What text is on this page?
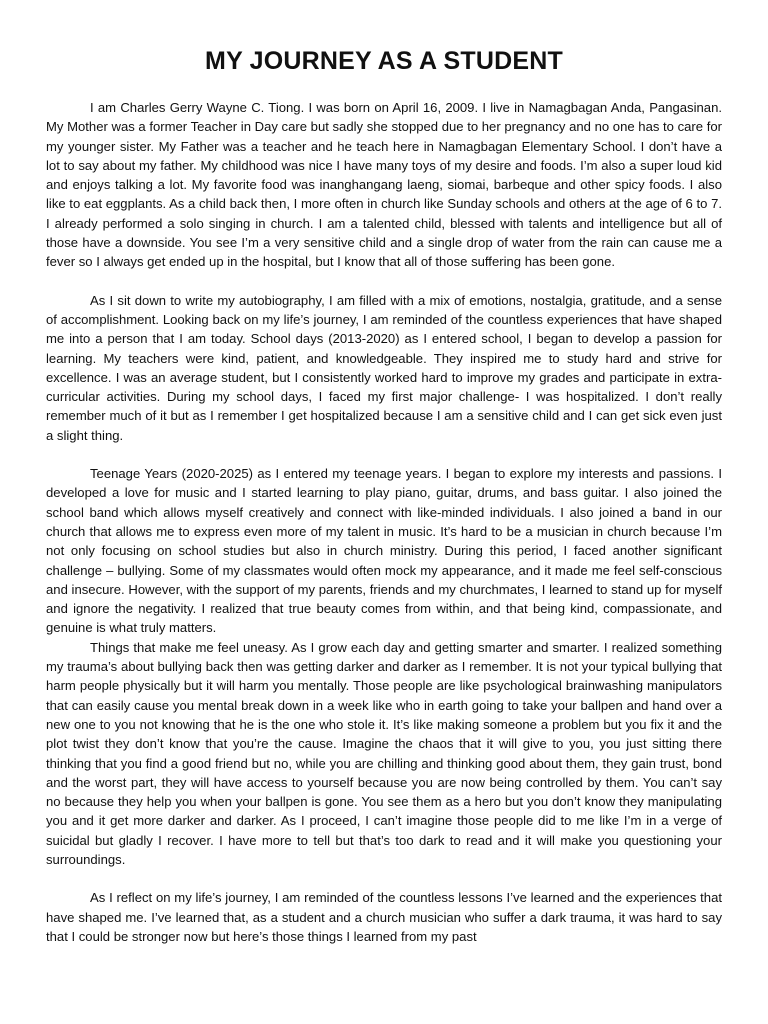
MY JOURNEY AS A STUDENT

I am Charles Gerry Wayne C. Tiong. I was born on April 16, 2009. I live in Namagbagan Anda, Pangasinan. My Mother was a former Teacher in Day care but sadly she stopped due to her pregnancy and no one has to care for my younger sister. My Father was a teacher and he teach here in Namagbagan Elementary School. I don’t have a lot to say about my father. My childhood was nice I have many toys of my desire and foods. I’m also a super loud kid and enjoys talking a lot. My favorite food was inanghangang laeng, siomai, barbeque and other spicy foods. I also like to eat eggplants. As a child back then, I more often in church like Sunday schools and others at the age of 6 to 7. I already performed a solo singing in church. I am a talented child, blessed with talents and intelligence but all of those have a downside. You see I’m a very sensitive child and a single drop of water from the rain can cause me a fever so I always get ended up in the hospital, but I know that all of those suffering has been gone.

As I sit down to write my autobiography, I am filled with a mix of emotions, nostalgia, gratitude, and a sense of accomplishment. Looking back on my life’s journey, I am reminded of the countless experiences that have shaped me into a person that I am today. School days (2013-2020) as I entered school, I began to develop a passion for learning. My teachers were kind, patient, and knowledgeable. They inspired me to study hard and strive for excellence. I was an average student, but I consistently worked hard to improve my grades and participate in extra-curricular activities. During my school days, I faced my first major challenge- I was hospitalized. I don’t really remember much of it but as I remember I get hospitalized because I am a sensitive child and I can get sick even just a slight thing.

Teenage Years (2020-2025) as I entered my teenage years. I began to explore my interests and passions. I developed a love for music and I started learning to play piano, guitar, drums, and bass guitar. I also joined the school band which allows myself creatively and connect with like-minded individuals. I also joined a band in our church that allows me to express even more of my talent in music. It’s hard to be a musician in church because I’m not only focusing on school studies but also in church ministry. During this period, I faced another significant challenge – bullying. Some of my classmates would often mock my appearance, and it made me feel self-conscious and insecure. However, with the support of my parents, friends and my churchmates, I learned to stand up for myself and ignore the negativity. I realized that true beauty comes from within, and that being kind, compassionate, and genuine is what truly matters.

Things that make me feel uneasy. As I grow each day and getting smarter and smarter. I realized something my trauma’s about bullying back then was getting darker and darker as I remember. It is not your typical bullying that harm people physically but it will harm you mentally. Those people are like psychological brainwashing manipulators that can easily cause you mental break down in a week like who in earth going to take your ballpen and hand over a new one to you not knowing that he is the one who stole it. It’s like making someone a problem but you fix it and the plot twist they don’t know that you’re the cause. Imagine the chaos that it will give to you, you just sitting there thinking that you find a good friend but no, while you are chilling and thinking good about them, they gain trust, bond and the worst part, they will have access to yourself because you are now being controlled by them. You can’t say no because they help you when your ballpen is gone. You see them as a hero but you don’t know they manipulating you and it get more darker and darker. As I proceed, I can’t imagine those people did to me like I’m in a verge of suicidal but gladly I recover. I have more to tell but that’s too dark to read and it will make you questioning your surroundings.

As I reflect on my life’s journey, I am reminded of the countless lessons I’ve learned and the experiences that have shaped me. I’ve learned that, as a student and a church musician who suffer a dark trauma, it was hard to say that I could be stronger now but here’s those things I learned from my past
